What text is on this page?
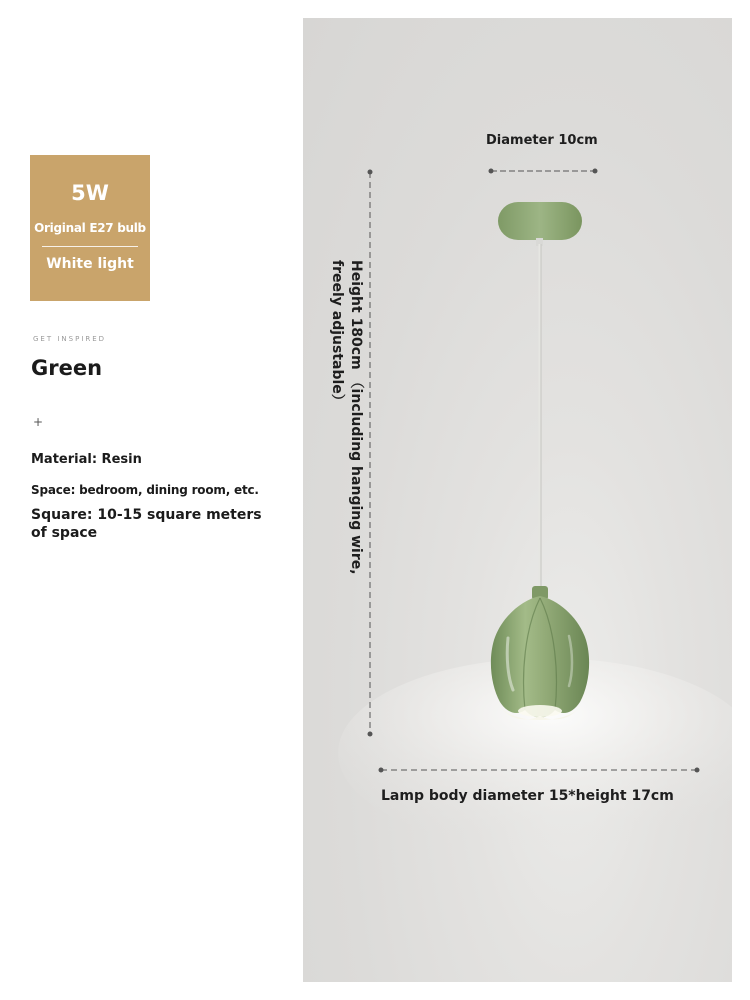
5W
Original E27 bulb
White light
GET INSPIRED
Green
+
Material: Resin
Space: bedroom, dining room, etc.
Square: 10-15 square meters of space
Diameter 10cm
Height 180cm （including hanging wire, freely adjustable）
Lamp body diameter 15*height 17cm
